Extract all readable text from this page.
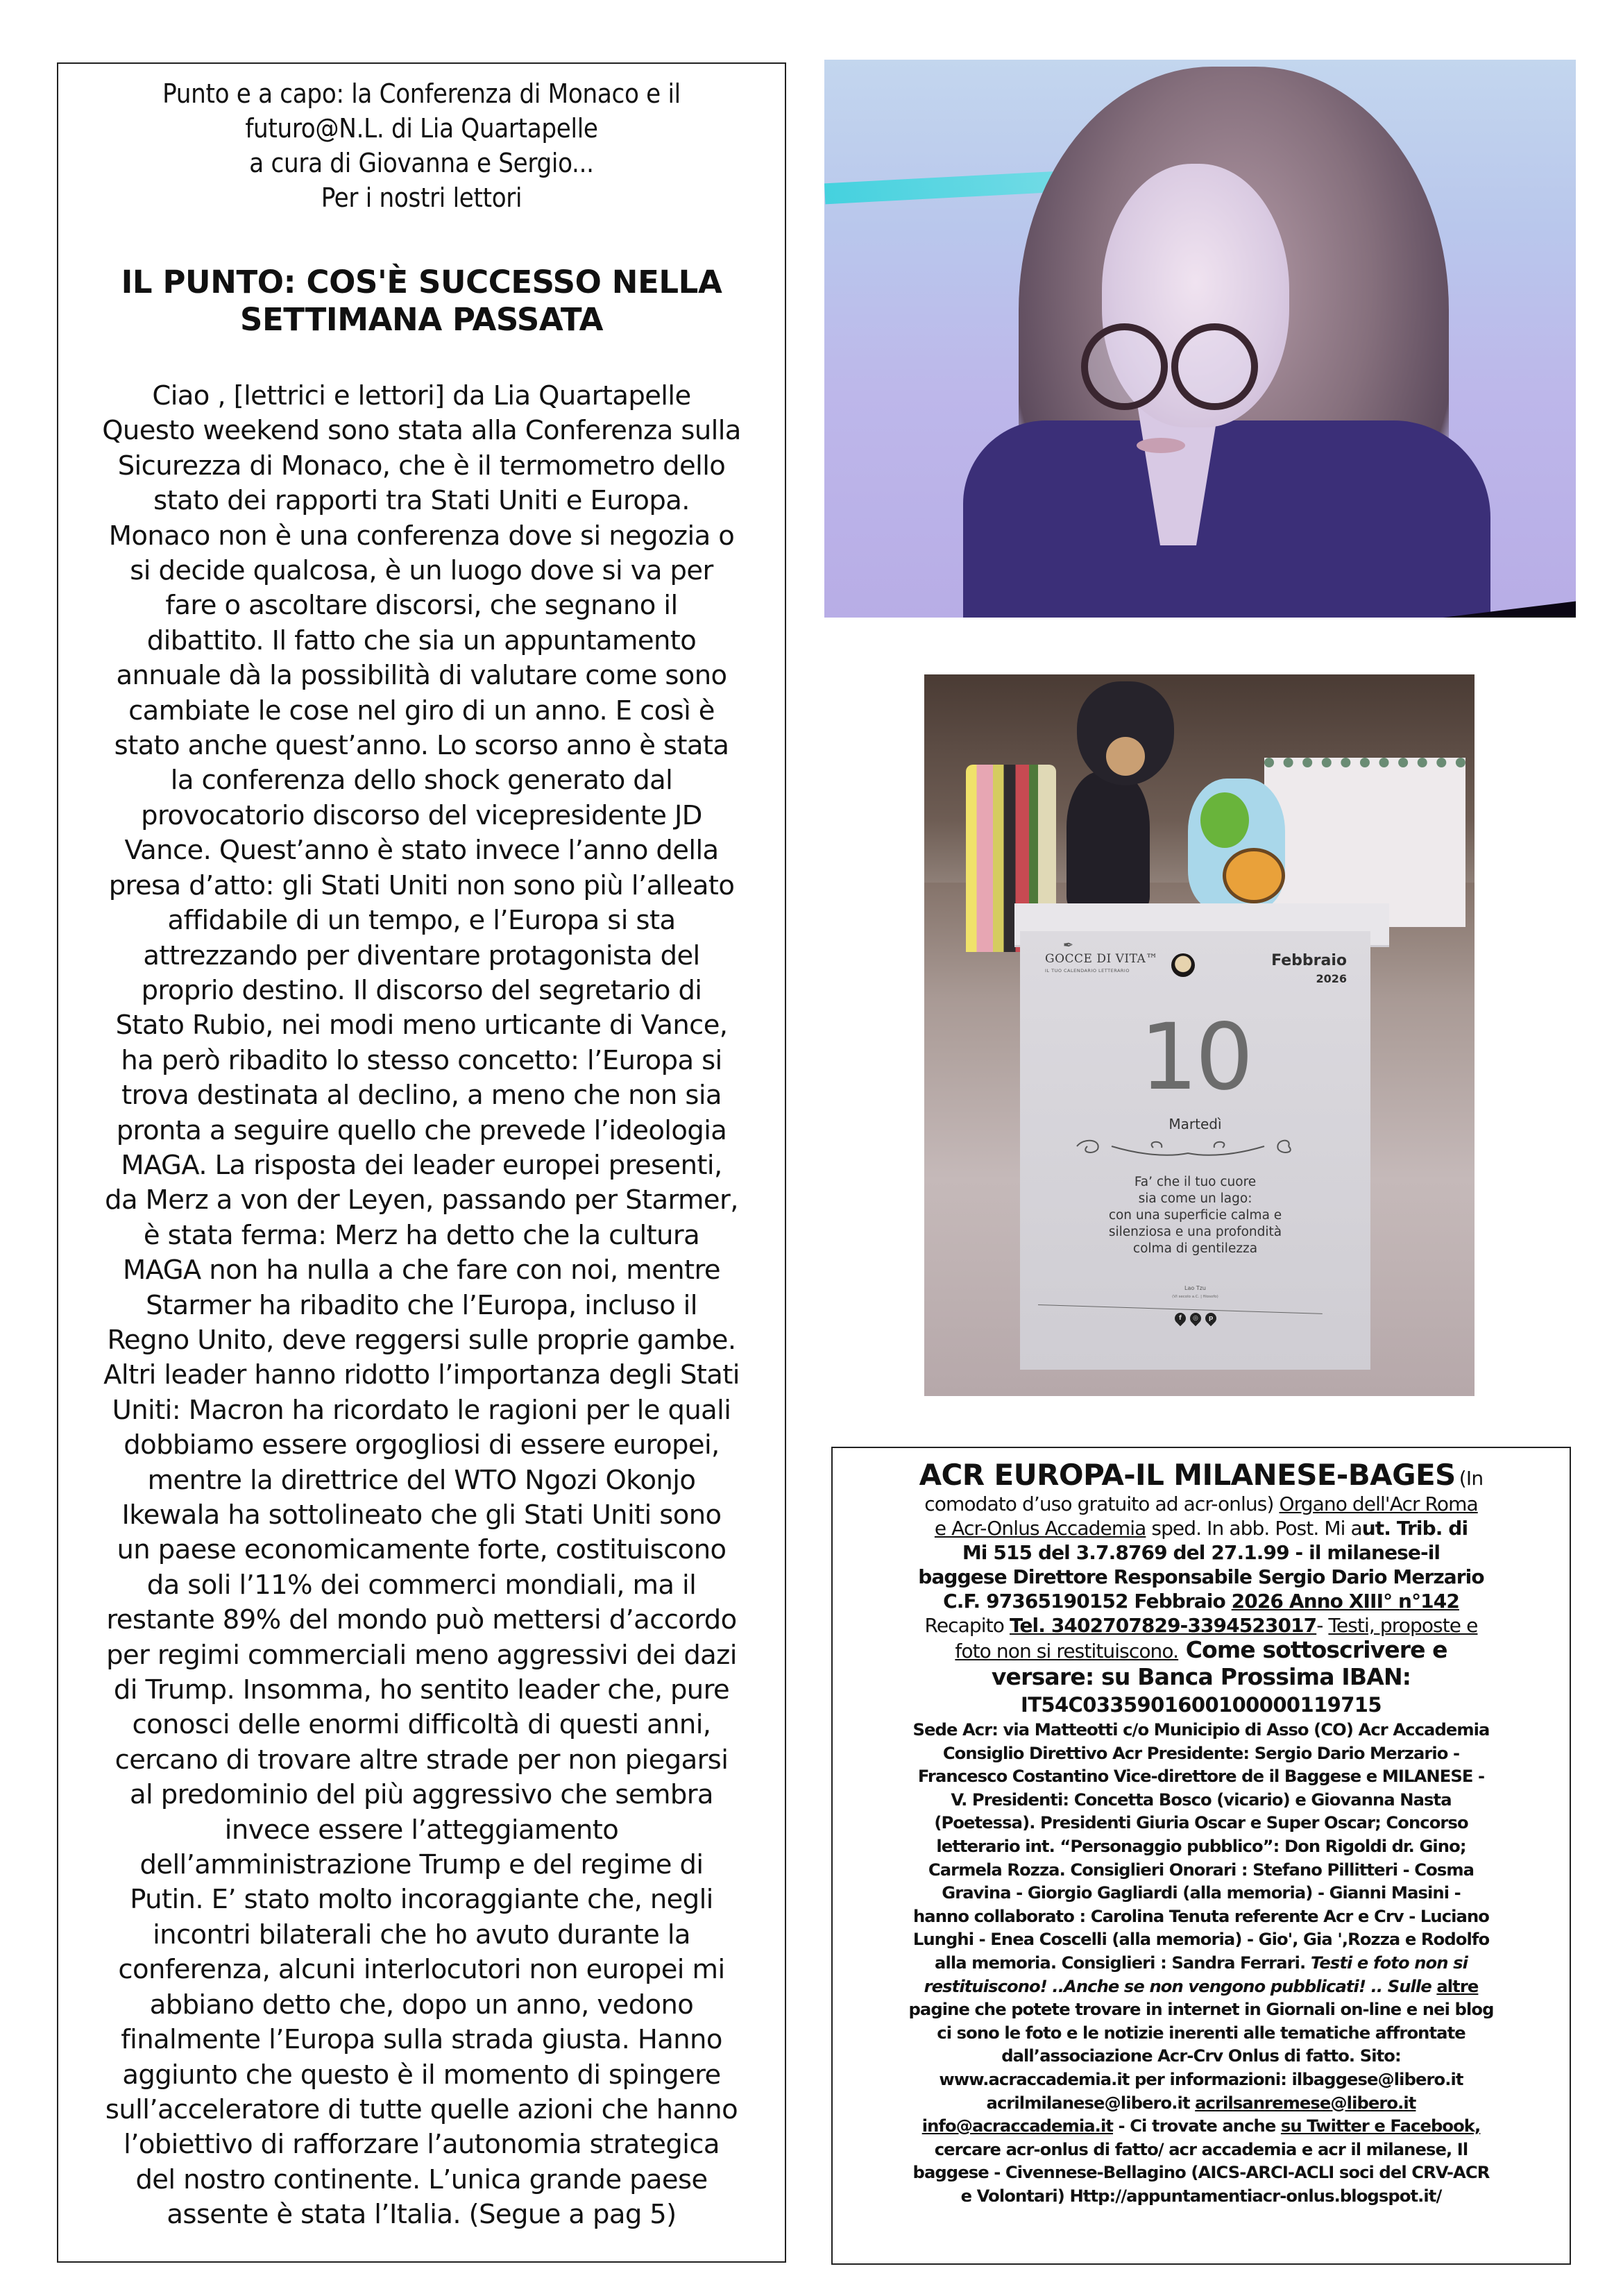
Punto e a capo: la Conferenza di Monaco e il
futuro@N.L. di Lia Quartapelle
a cura di Giovanna e Sergio...
Per i nostri lettori
IL PUNTO: COS'È SUCCESSO NELLA
SETTIMANA PASSATA
Ciao , [lettrici e lettori] da Lia Quartapelle
Questo weekend sono stata alla Conferenza sulla
Sicurezza di Monaco, che è il termometro dello
stato dei rapporti tra Stati Uniti e Europa.
Monaco non è una conferenza dove si negozia o
si decide qualcosa, è un luogo dove si va per
fare o ascoltare discorsi, che segnano il
dibattito. Il fatto che sia un appuntamento
annuale dà la possibilità di valutare come sono
cambiate le cose nel giro di un anno. E così è
stato anche quest’anno. Lo scorso anno è stata
la conferenza dello shock generato dal
provocatorio discorso del vicepresidente JD
Vance. Quest’anno è stato invece l’anno della
presa d’atto: gli Stati Uniti non sono più l’alleato
affidabile di un tempo, e l’Europa si sta
attrezzando per diventare protagonista del
proprio destino. Il discorso del segretario di
Stato Rubio, nei modi meno urticante di Vance,
ha però ribadito lo stesso concetto: l’Europa si
trova destinata al declino, a meno che non sia
pronta a seguire quello che prevede l’ideologia
MAGA. La risposta dei leader europei presenti,
da Merz a von der Leyen, passando per Starmer,
è stata ferma: Merz ha detto che la cultura
MAGA non ha nulla a che fare con noi, mentre
Starmer ha ribadito che l’Europa, incluso il
Regno Unito, deve reggersi sulle proprie gambe.
Altri leader hanno ridotto l’importanza degli Stati
Uniti: Macron ha ricordato le ragioni per le quali
dobbiamo essere orgogliosi di essere europei,
mentre la direttrice del WTO Ngozi Okonjo
Ikewala ha sottolineato che gli Stati Uniti sono
un paese economicamente forte, costituiscono
da soli l’11% dei commerci mondiali, ma il
restante 89% del mondo può mettersi d’accordo
per regimi commerciali meno aggressivi dei dazi
di Trump. Insomma, ho sentito leader che, pure
conosci delle enormi difficoltà di questi anni,
cercano di trovare altre strade per non piegarsi
al predominio del più aggressivo che sembra
invece essere l’atteggiamento
dell’amministrazione Trump e del regime di
Putin. E’ stato molto incoraggiante che, negli
incontri bilaterali che ho avuto durante la
conferenza, alcuni interlocutori non europei mi
abbiano detto che, dopo un anno, vedono
finalmente l’Europa sulla strada giusta. Hanno
aggiunto che questo è il momento di spingere
sull’acceleratore di tutte quelle azioni che hanno
l’obiettivo di rafforzare l’autonomia strategica
del nostro continente. L’unica grande paese
assente è stata l’Italia. (Segue a pag 5)
✒
GOCCE DI VITA™
IL TUO CALENDARIO LETTERARIO
Febbraio
2026
10
Martedì
Fa’ che il tuo cuore
sia come un lago:
con una superficie calma e
silenziosa e una profondità
colma di gentilezza
Lao Tzu
(VI secolo a.C. | filosofo)
f ◎ p
ACR EUROPA-IL MILANESE-BAGES (In
comodato d’uso gratuito ad acr-onlus) Organo dell'Acr Roma
e Acr-Onlus Accademia sped. In abb. Post. Mi aut. Trib. di
Mi 515 del 3.7.8769 del 27.1.99 - il milanese-il
baggese Direttore Responsabile Sergio Dario Merzario
C.F. 97365190152 Febbraio 2026 Anno XIII° n°142
Recapito Tel. 3402707829-3394523017- Testi, proposte e
foto non si restituiscono. Come sottoscrivere e
versare: su Banca Prossima IBAN:
IT54C0335901600100000119715
Sede Acr: via Matteotti c/o Municipio di Asso (CO) Acr Accademia
Consiglio Direttivo Acr Presidente: Sergio Dario Merzario -
Francesco Costantino Vice-direttore de il Baggese e MILANESE -
V. Presidenti: Concetta Bosco (vicario) e Giovanna Nasta
(Poetessa). Presidenti Giuria Oscar e Super Oscar; Concorso
letterario int. “Personaggio pubblico”: Don Rigoldi dr. Gino;
Carmela Rozza. Consiglieri Onorari : Stefano Pillitteri - Cosma
Gravina - Giorgio Gagliardi (alla memoria) - Gianni Masini -
hanno collaborato : Carolina Tenuta referente Acr e Crv - Luciano
Lunghi - Enea Coscelli (alla memoria) - Gio', Gia ',Rozza e Rodolfo
alla memoria. Consiglieri : Sandra Ferrari. Testi e foto non si
restituiscono! ..Anche se non vengono pubblicati! .. Sulle altre
pagine che potete trovare in internet in Giornali on-line e nei blog
ci sono le foto e le notizie inerenti alle tematiche affrontate
dall’associazione Acr-Crv Onlus di fatto. Sito:
www.acraccademia.it per informazioni: ilbaggese@libero.it
acrilmilanese@libero.it acrilsanremese@libero.it
info@acraccademia.it - Ci trovate anche su Twitter e Facebook,
cercare acr-onlus di fatto/ acr accademia e acr il milanese, Il
baggese - Civennese-Bellagino (AICS-ARCI-ACLI soci del CRV-ACR
e Volontari) Http://appuntamentiacr-onlus.blogspot.it/
